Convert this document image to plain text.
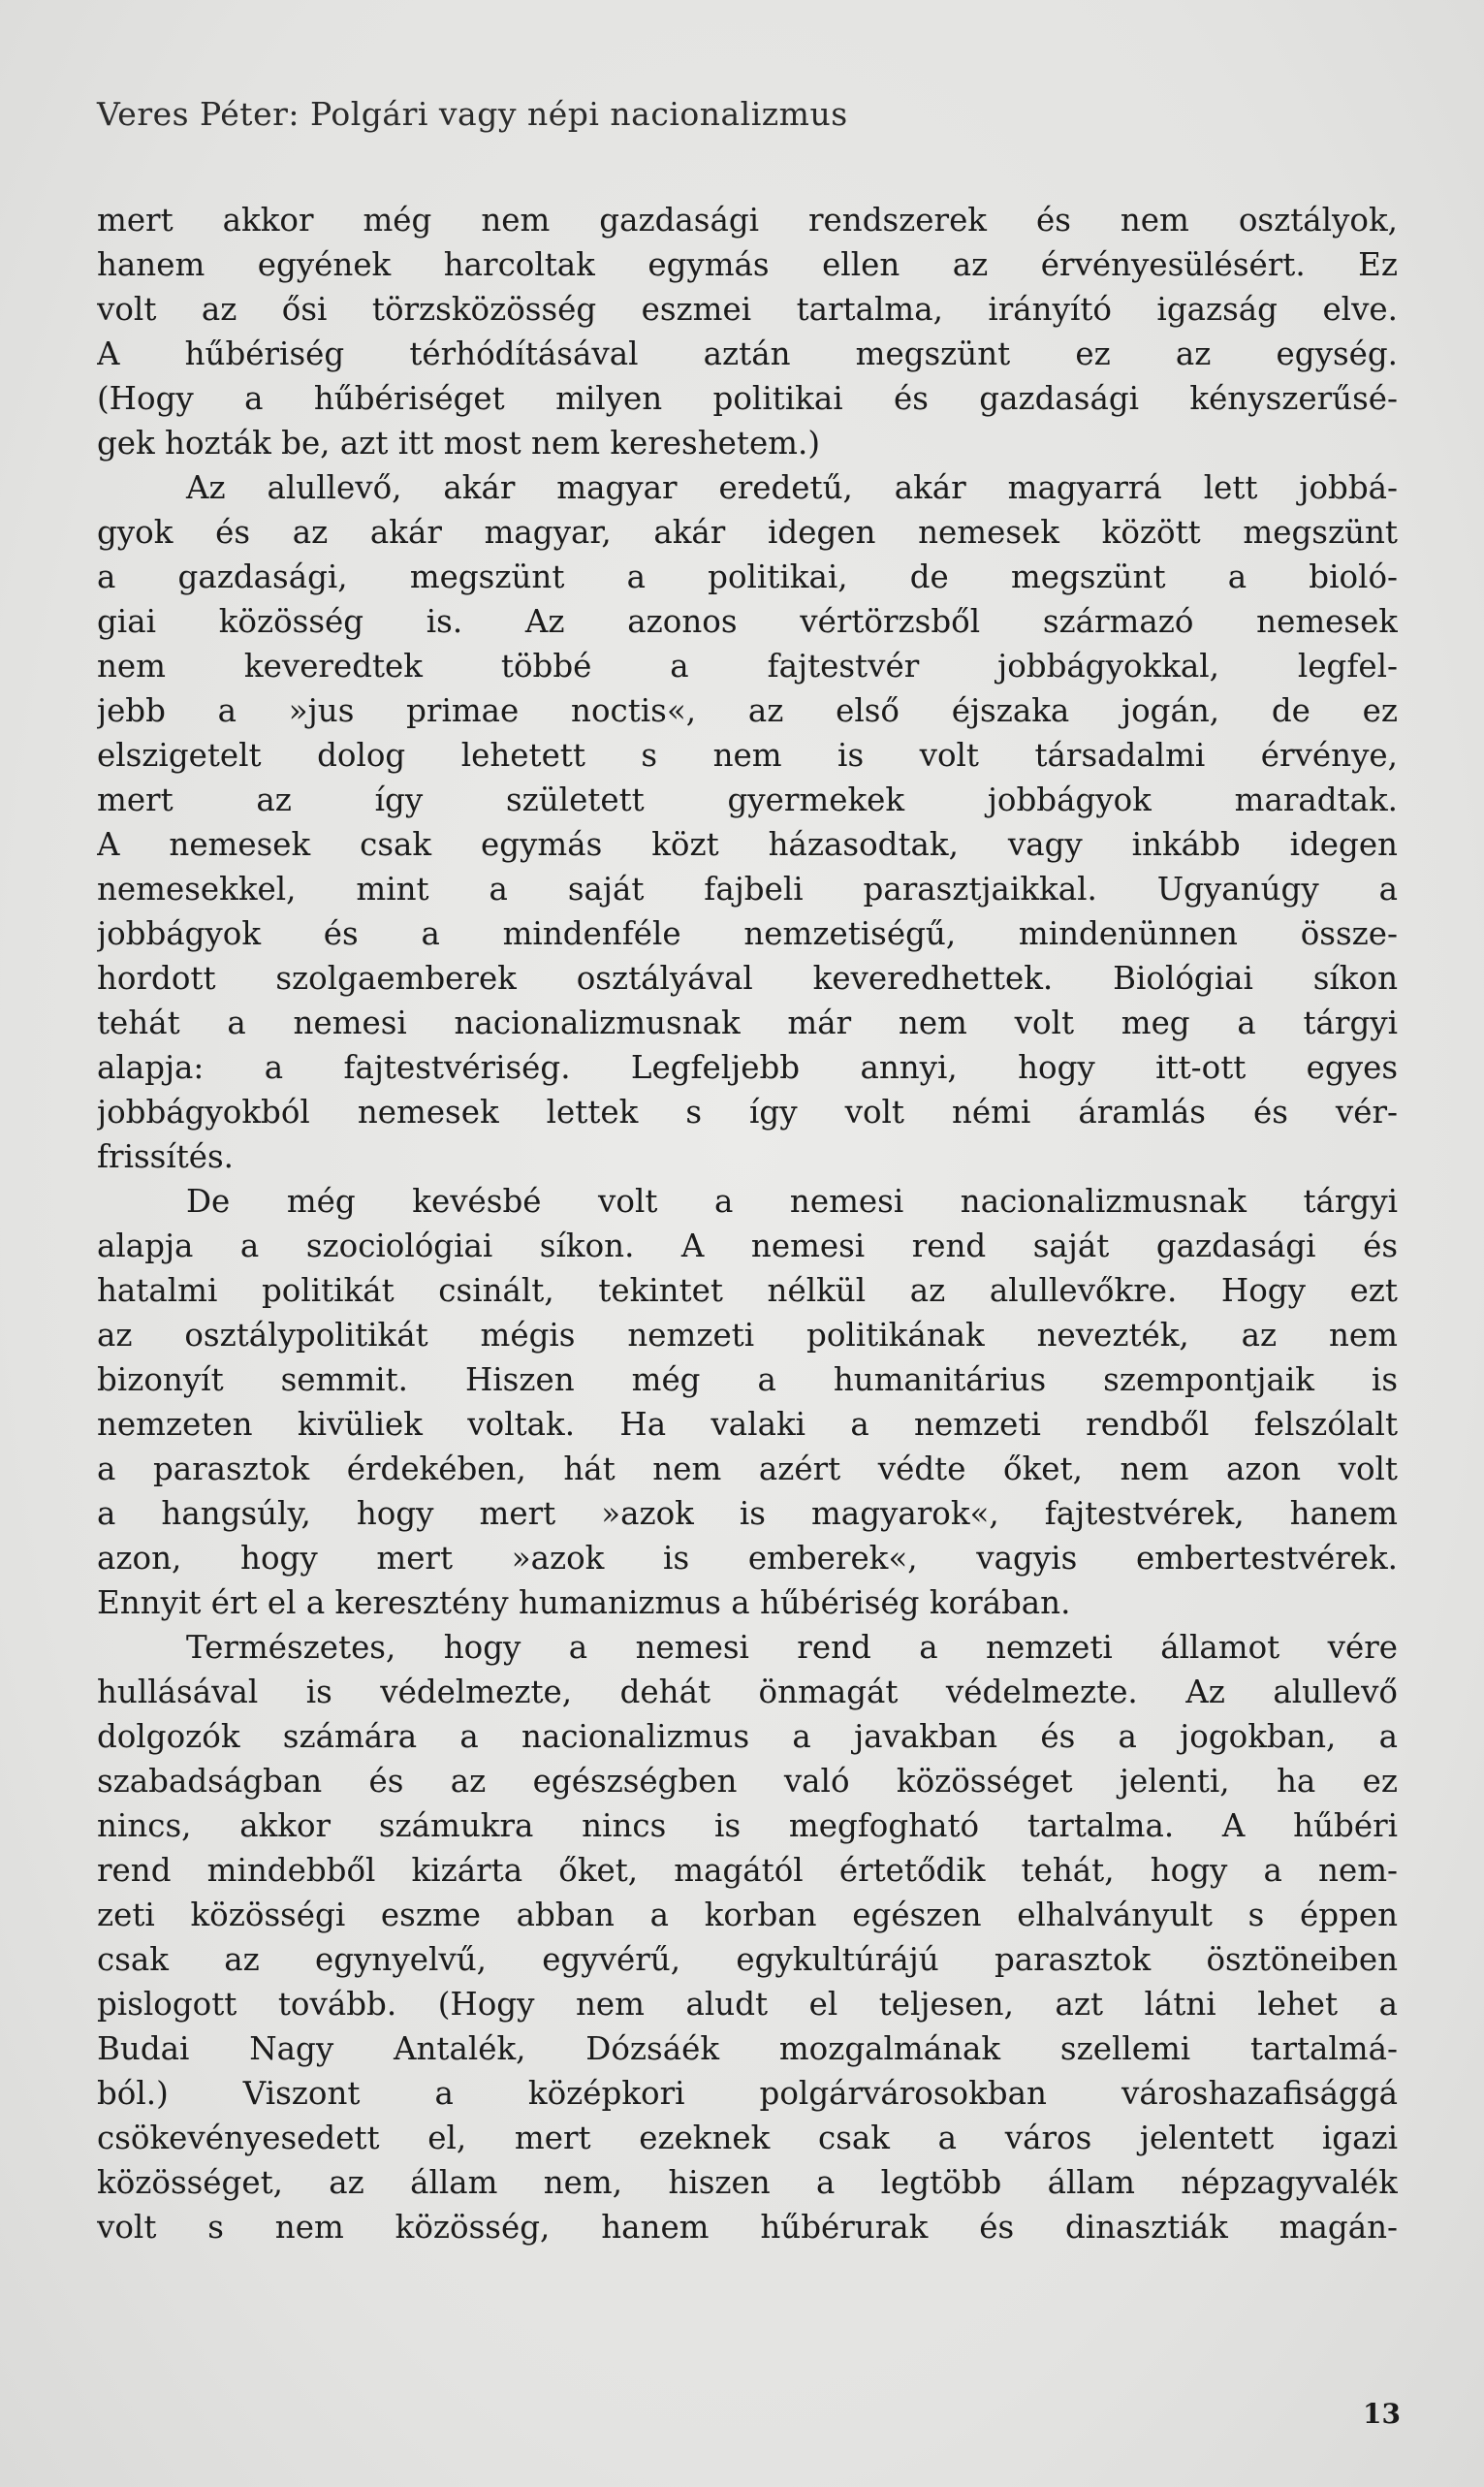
Veres Péter: Polgári vagy népi nacionalizmus
mert akkor még nem gazdasági rendszerek és nem osztályok,
hanem egyének harcoltak egymás ellen az érvényesülésért. Ez
volt az ősi törzsközösség eszmei tartalma, irányító igazság elve.
A hűbériség térhódításával aztán megszünt ez az egység.
(Hogy a hűbériséget milyen politikai és gazdasági kényszerűsé-
gek hozták be, azt itt most nem kereshetem.)
Az alullevő, akár magyar eredetű, akár magyarrá lett jobbá-
gyok és az akár magyar, akár idegen nemesek között megszünt
a gazdasági, megszünt a politikai, de megszünt a bioló-
giai közösség is. Az azonos vértörzsből származó nemesek
nem keveredtek többé a fajtestvér jobbágyokkal, legfel-
jebb a »jus primae noctis«, az első éjszaka jogán, de ez
elszigetelt dolog lehetett s nem is volt társadalmi érvénye,
mert az így született gyermekek jobbágyok maradtak.
A nemesek csak egymás közt házasodtak, vagy inkább idegen
nemesekkel, mint a saját fajbeli parasztjaikkal. Ugyanúgy a
jobbágyok és a mindenféle nemzetiségű, mindenünnen össze-
hordott szolgaemberek osztályával keveredhettek. Biológiai síkon
tehát a nemesi nacionalizmusnak már nem volt meg a tárgyi
alapja: a fajtestvériség. Legfeljebb annyi, hogy itt-ott egyes
jobbágyokból nemesek lettek s így volt némi áramlás és vér-
frissítés.
De még kevésbé volt a nemesi nacionalizmusnak tárgyi
alapja a szociológiai síkon. A nemesi rend saját gazdasági és
hatalmi politikát csinált, tekintet nélkül az alullevőkre. Hogy ezt
az osztálypolitikát mégis nemzeti politikának nevezték, az nem
bizonyít semmit. Hiszen még a humanitárius szempontjaik is
nemzeten kivüliek voltak. Ha valaki a nemzeti rendből felszólalt
a parasztok érdekében, hát nem azért védte őket, nem azon volt
a hangsúly, hogy mert »azok is magyarok«, fajtestvérek, hanem
azon, hogy mert »azok is emberek«, vagyis embertestvérek.
Ennyit ért el a keresztény humanizmus a hűbériség korában.
Természetes, hogy a nemesi rend a nemzeti államot vére
hullásával is védelmezte, dehát önmagát védelmezte. Az alullevő
dolgozók számára a nacionalizmus a javakban és a jogokban, a
szabadságban és az egészségben való közösséget jelenti, ha ez
nincs, akkor számukra nincs is megfogható tartalma. A hűbéri
rend mindebből kizárta őket, magától értetődik tehát, hogy a nem-
zeti közösségi eszme abban a korban egészen elhalványult s éppen
csak az egynyelvű, egyvérű, egykultúrájú parasztok ösztöneiben
pislogott tovább. (Hogy nem aludt el teljesen, azt látni lehet a
Budai Nagy Antalék, Dózsáék mozgalmának szellemi tartalmá-
ból.) Viszont a középkori polgárvárosokban városhazafisággá
csökevényesedett el, mert ezeknek csak a város jelentett igazi
közösséget, az állam nem, hiszen a legtöbb állam népzagyvalék
volt s nem közösség, hanem hűbérurak és dinasztiák magán-
13
